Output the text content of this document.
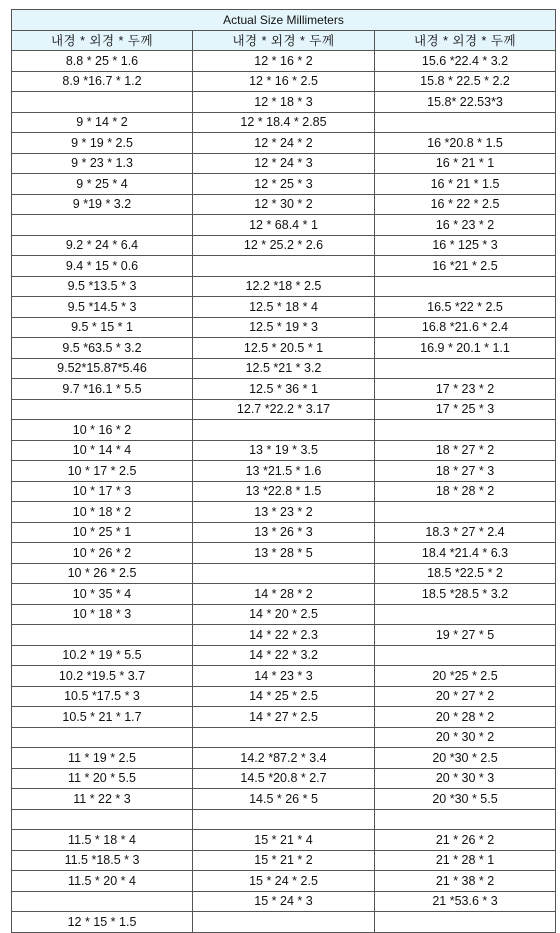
Actual Size Millimeters		
내경 * 외경 * 두께	내경 * 외경 * 두께	내경 * 외경 * 두께
8.8 * 25 * 1.6	12 * 16 * 2	15.6 *22.4 * 3.2
8.9 *16.7 * 1.2	12 * 16 * 2.5	15.8 * 22.5 * 2.2
	12 * 18 * 3	15.8* 22.53*3
9 * 14 * 2	12 * 18.4 * 2.85	
9 * 19 * 2.5	12 * 24 * 2	16 *20.8 * 1.5
9 * 23 * 1.3	12 * 24 * 3	16 * 21 * 1
9 * 25 * 4	12 * 25 * 3	16 * 21 * 1.5
9 *19 * 3.2	12 * 30 * 2	16 * 22 * 2.5
	12 * 68.4 * 1	16 * 23 * 2
9.2 * 24 * 6.4	12 * 25.2 * 2.6	16 * 125 * 3
9.4 * 15 * 0.6		16 *21 * 2.5
9.5 *13.5 * 3	12.2 *18 * 2.5	
9.5 *14.5 * 3	12.5 * 18 * 4	16.5 *22 * 2.5
9.5 * 15 * 1	12.5 * 19 * 3	16.8 *21.6 * 2.4
9.5 *63.5 * 3.2	12.5 * 20.5 * 1	16.9 * 20.1 * 1.1
9.52*15.87*5.46	12.5 *21 * 3.2	
9.7 *16.1 * 5.5	12.5 * 36 * 1	17 * 23 * 2
	12.7 *22.2 * 3.17	17 * 25 * 3
10 * 16 * 2		
10 * 14 * 4	13 * 19 * 3.5	18 * 27 * 2
10 * 17 * 2.5	13 *21.5 * 1.6	18 * 27 * 3
10 * 17 * 3	13 *22.8 * 1.5	18 * 28 * 2
10 * 18 * 2	13 * 23 * 2	
10 * 25 * 1	13 * 26 * 3	18.3 * 27 * 2.4
10 * 26 * 2	13 * 28 * 5	18.4 *21.4 * 6.3
10 * 26 * 2.5		18.5 *22.5 * 2
10 * 35 * 4	14 * 28 * 2	18.5 *28.5 * 3.2
10 * 18 * 3	14 * 20 * 2.5	
	14 * 22 * 2.3	19 * 27 * 5
10.2 * 19 * 5.5	14 * 22 * 3.2	
10.2 *19.5 * 3.7	14 * 23 * 3	20 *25 * 2.5
10.5 *17.5 * 3	14 * 25 * 2.5	20 * 27 * 2
10.5 * 21 * 1.7	14 * 27 * 2.5	20 * 28 * 2
		20 * 30 * 2
11 * 19 * 2.5	14.2 *87.2 * 3.4	20 *30 * 2.5
11 * 20 * 5.5	14.5 *20.8 * 2.7	20 * 30 * 3
11 * 22 * 3	14.5 * 26 * 5	20 *30 * 5.5

11.5 * 18 * 4	15 * 21 * 4	21 * 26 * 2
11.5 *18.5 * 3	15 * 21 * 2	21 * 28 * 1
11.5 * 20 * 4	15 * 24 * 2.5	21 * 38 * 2
	15 * 24 * 3	21 *53.6 * 3
12 * 15 * 1.5		
